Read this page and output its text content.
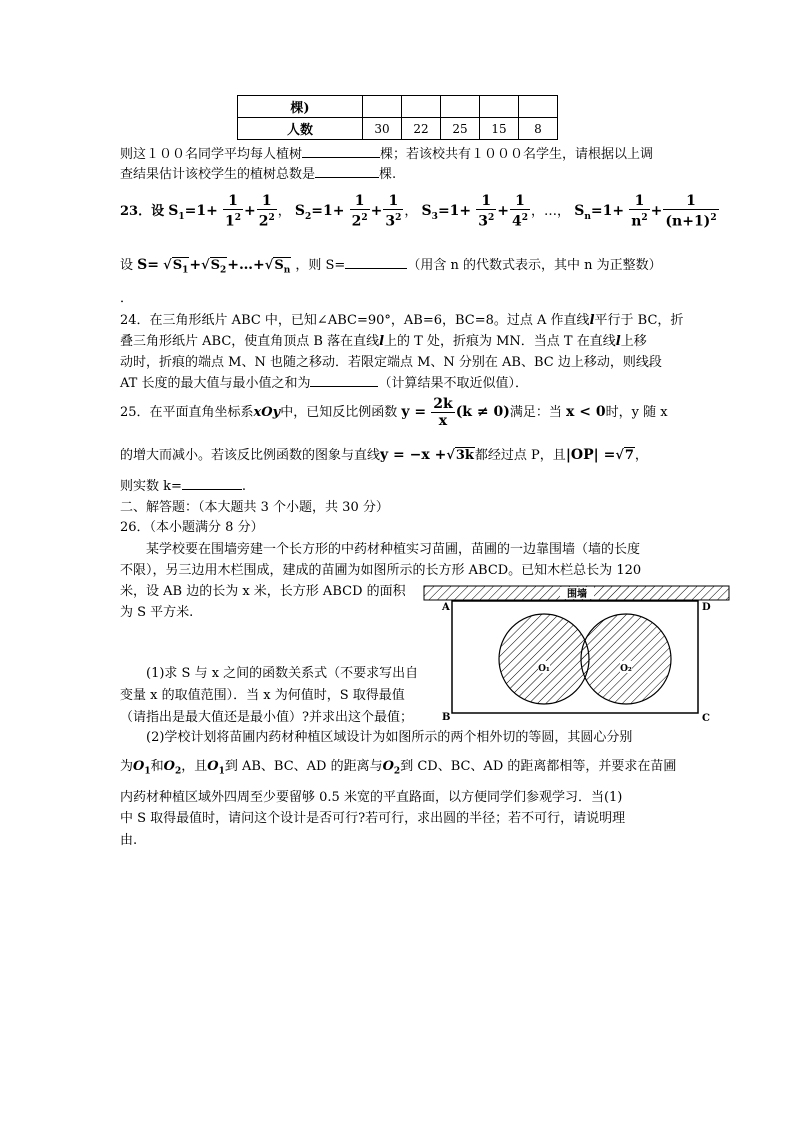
棵)					
人数	30	22	25	15	8
则这１００名同学平均每人植树	棵；若该校共有１０００名学生，请根据以上调
查结果估计该校学生的植树总数是	棵.
23．设 $S_1=1+ \frac{1}{1^2} + \frac{1}{2^2}$ ， $S_2=1+ \frac{1}{2^2} + \frac{1}{3^2}$ ， $S_3=1+ \frac{1}{3^2} + \frac{1}{4^2}$ ，…， $S_n=1+ \frac{1}{n^2} + \frac{1}{(n+1)^2}$
设 $S= √S_1+√S_2+\dots+√S_n$ ，则 S=	（用含 n 的代数式表示，其中 n 为正整数）
．
24．在三角形纸片 ABC 中，已知∠ABC=90°，AB=6，BC=8。过点 A 作直线l平行于 BC，折
叠三角形纸片 ABC，使直角顶点 B 落在直线l上的 T 处，折痕为 MN．当点 T 在直线l上移
动时，折痕的端点 M、N 也随之移动．若限定端点 M、N 分别在 AB、BC 边上移动，则线段
AT 长度的最大值与最小值之和为	（计算结果不取近似值）．
25．在平面直角坐标系xOy中，已知反比例函数 $y = \frac{2k}{x} (k \ne 0)$满足：当 x < 0时，y 随 x
的增大而减小。若该反比例函数的图象与直线y = −x +√3k都经过点 P，且|OP| =√7，
则实数 k=	.
二、解答题：（本大题共 3 个小题，共 30 分）
26．（本小题满分 8 分）
某学校要在围墙旁建一个长方形的中药材种植实习苗圃，苗圃的一边靠围墙（墙的长度
不限），另三边用木栏围成，建成的苗圃为如图所示的长方形 ABCD。已知木栏总长为 120
米，设 AB 边的长为 x 米，长方形 ABCD 的面积
为 S 平方米.
(1)求 S 与 x 之间的函数关系式（不要求写出自
变量 x 的取值范围）．当 x 为何值时，S 取得最值
（请指出是最大值还是最小值）?并求出这个最值；
(2)学校计划将苗圃内药材种植区域设计为如图所示的两个相外切的等圆，其圆心分别
为$O_1$和$O_2$，且$O_1$到 AB、BC、AD 的距离与$O_2$到 CD、BC、AD 的距离都相等，并要求在苗圃
内药材种植区域外四周至少要留够 0.5 米宽的平直路面，以方便同学们参观学习．当(1)
中 S 取得最值时，请问这个设计是否可行?若可行，求出圆的半径；若不可行，请说明理
由.
围墙
O₁	O₂
A	D
B	C
